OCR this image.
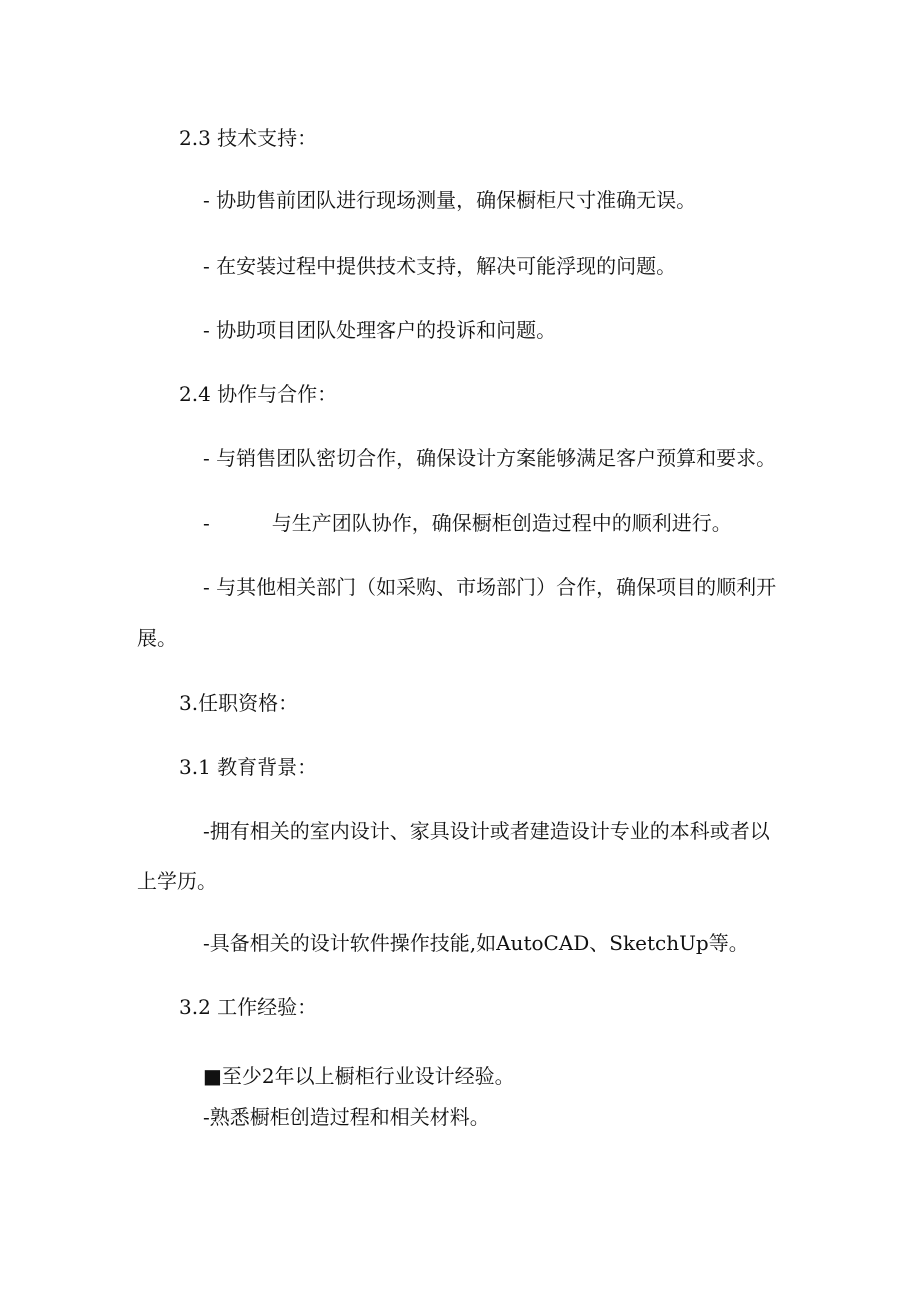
2.3 技术支持：

- 协助售前团队进行现场测量，确保橱柜尺寸准确无误。

- 在安装过程中提供技术支持，解决可能浮现的问题。

- 协助项目团队处理客户的投诉和问题。

2.4 协作与合作：

- 与销售团队密切合作，确保设计方案能够满足客户预算和要求。

-	与生产团队协作，确保橱柜创造过程中的顺利进行。

- 与其他相关部门（如采购、市场部门）合作，确保项目的顺利开

展。

3.任职资格：

3.1 教育背景：

-拥有相关的室内设计、家具设计或者建造设计专业的本科或者以

上学历。

-具备相关的设计软件操作技能,如AutoCAD、SketchUp等。

3.2 工作经验：

■至少2年以上橱柜行业设计经验。

-熟悉橱柜创造过程和相关材料。
